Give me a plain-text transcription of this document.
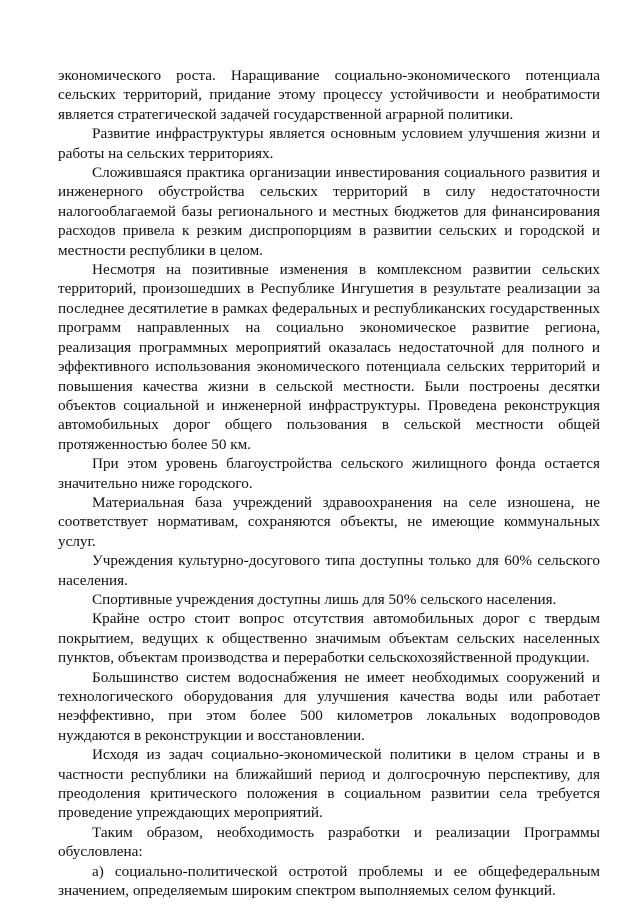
экономического роста. Наращивание социально-экономического потенциала сельских территорий, придание этому процессу устойчивости и необратимости является стратегической задачей государственной аграрной политики.

Развитие инфраструктуры является основным условием улучшения жизни и работы на сельских территориях.

Сложившаяся практика организации инвестирования социального развития и инженерного обустройства сельских территорий в силу недостаточности налогооблагаемой базы регионального и местных бюджетов для финансирования расходов привела к резким диспропорциям в развитии сельских и городской и местности республики в целом.

Несмотря на позитивные изменения в комплексном развитии сельских территорий, произошедших в Республике Ингушетия в результате реализации за последнее десятилетие в рамках федеральных и республиканских государственных программ направленных на социально экономическое развитие региона, реализация программных мероприятий оказалась недостаточной для полного и эффективного использования экономического потенциала сельских территорий и повышения качества жизни в сельской местности. Были построены десятки объектов социальной и инженерной инфраструктуры. Проведена реконструкция автомобильных дорог общего пользования в сельской местности общей протяженностью более 50 км.

При этом уровень благоустройства сельского жилищного фонда остается значительно ниже городского.

Материальная база учреждений здравоохранения на селе изношена, не соответствует нормативам, сохраняются объекты, не имеющие коммунальных услуг.

Учреждения культурно-досугового типа доступны только для 60% сельского населения.

Спортивные учреждения доступны лишь для 50% сельского населения.

Крайне остро стоит вопрос отсутствия автомобильных дорог с твердым покрытием, ведущих к общественно значимым объектам сельских населенных пунктов, объектам производства и переработки сельскохозяйственной продукции.

Большинство систем водоснабжения не имеет необходимых сооружений и технологического оборудования для улучшения качества воды или работает неэффективно, при этом более 500 километров локальных водопроводов нуждаются в реконструкции и восстановлении.

Исходя из задач социально-экономической политики в целом страны и в частности республики на ближайший период и долгосрочную перспективу, для преодоления критического положения в социальном развитии села требуется проведение упреждающих мероприятий.

Таким образом, необходимость разработки и реализации Программы обусловлена:

а) социально-политической остротой проблемы и ее общефедеральным значением, определяемым широким спектром выполняемых селом функций.
